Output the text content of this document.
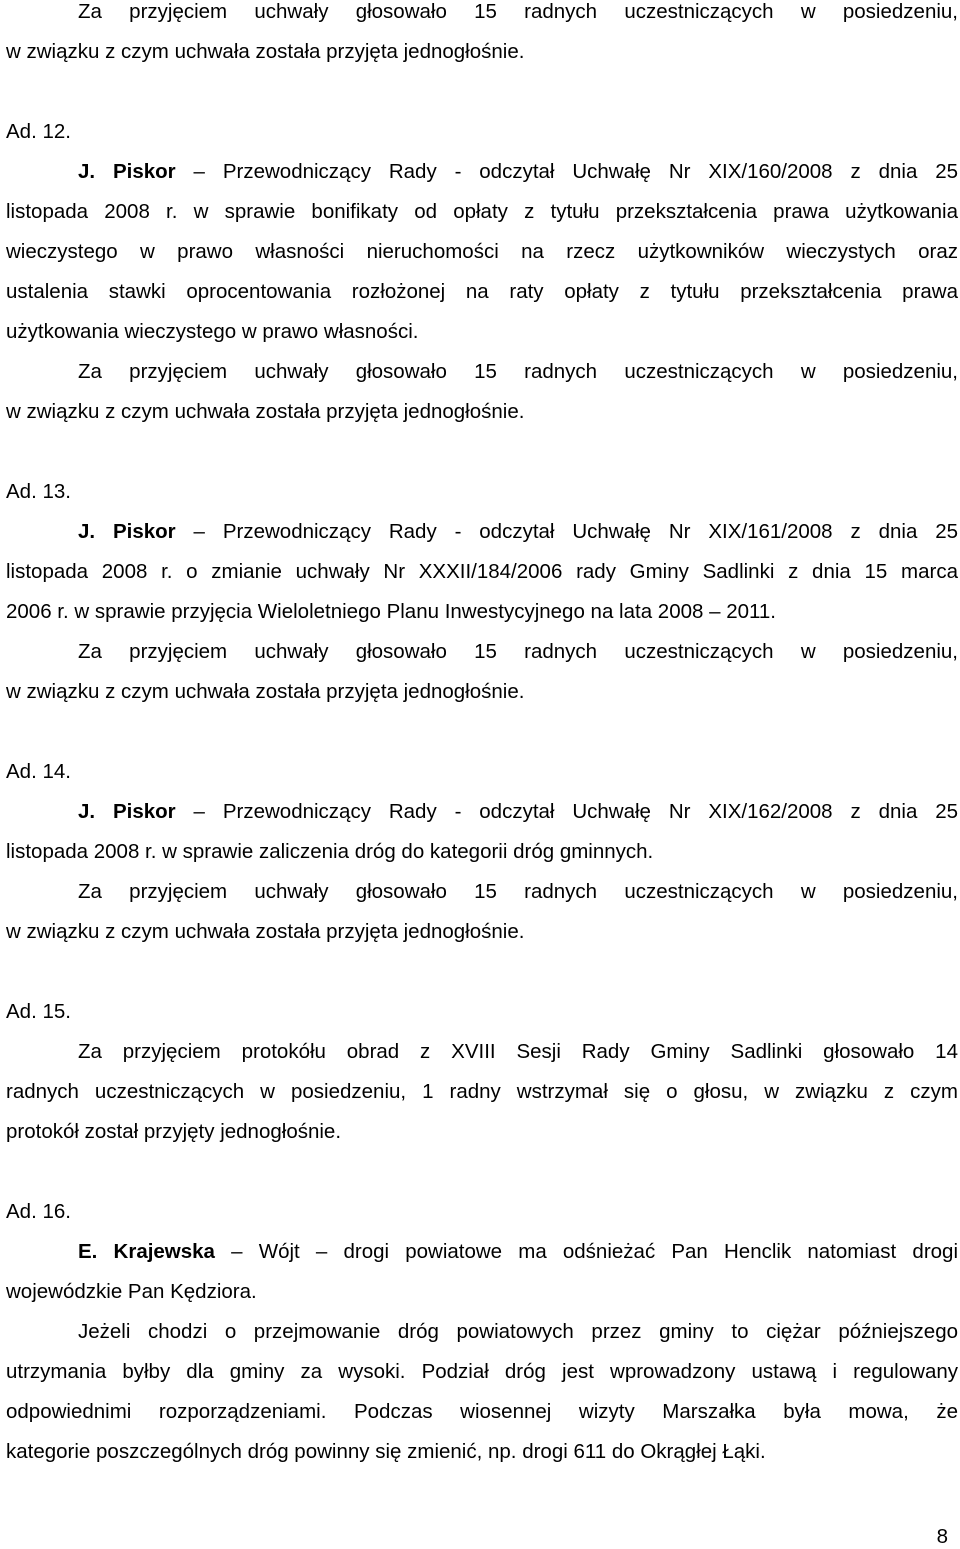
Za przyjęciem uchwały głosowało 15 radnych uczestniczących w posiedzeniu,
w związku z czym uchwała została przyjęta jednogłośnie.
Ad. 12.
J. Piskor – Przewodniczący Rady - odczytał Uchwałę Nr XIX/160/2008 z dnia 25
listopada 2008 r. w sprawie bonifikaty od opłaty z tytułu przekształcenia prawa użytkowania
wieczystego w prawo własności nieruchomości na rzecz użytkowników wieczystych oraz
ustalenia stawki oprocentowania rozłożonej na raty opłaty z tytułu przekształcenia prawa
użytkowania wieczystego w prawo własności.
Za przyjęciem uchwały głosowało 15 radnych uczestniczących w posiedzeniu,
w związku z czym uchwała została przyjęta jednogłośnie.
Ad. 13.
J. Piskor – Przewodniczący Rady - odczytał Uchwałę Nr XIX/161/2008 z dnia 25
listopada 2008 r. o zmianie uchwały Nr XXXII/184/2006 rady Gminy Sadlinki z dnia 15 marca
2006 r. w sprawie przyjęcia Wieloletniego Planu Inwestycyjnego na lata 2008 – 2011.
Za przyjęciem uchwały głosowało 15 radnych uczestniczących w posiedzeniu,
w związku z czym uchwała została przyjęta jednogłośnie.
Ad. 14.
J. Piskor – Przewodniczący Rady - odczytał Uchwałę Nr XIX/162/2008 z dnia 25
listopada 2008 r. w sprawie zaliczenia dróg do kategorii dróg gminnych.
Za przyjęciem uchwały głosowało 15 radnych uczestniczących w posiedzeniu,
w związku z czym uchwała została przyjęta jednogłośnie.
Ad. 15.
Za przyjęciem protokółu obrad z XVIII Sesji Rady Gminy Sadlinki głosowało 14
radnych uczestniczących w posiedzeniu, 1 radny wstrzymał się o głosu, w związku z czym
protokół został przyjęty jednogłośnie.
Ad. 16.
E. Krajewska – Wójt – drogi powiatowe ma odśnieżać Pan Henclik natomiast drogi
wojewódzkie Pan Kędziora.
Jeżeli chodzi o przejmowanie dróg powiatowych przez gminy to ciężar późniejszego
utrzymania byłby dla gminy za wysoki. Podział dróg jest wprowadzony ustawą i regulowany
odpowiednimi rozporządzeniami. Podczas wiosennej wizyty Marszałka była mowa, że
kategorie poszczególnych dróg powinny się zmienić, np. drogi 611 do Okrągłej Łąki.
8
